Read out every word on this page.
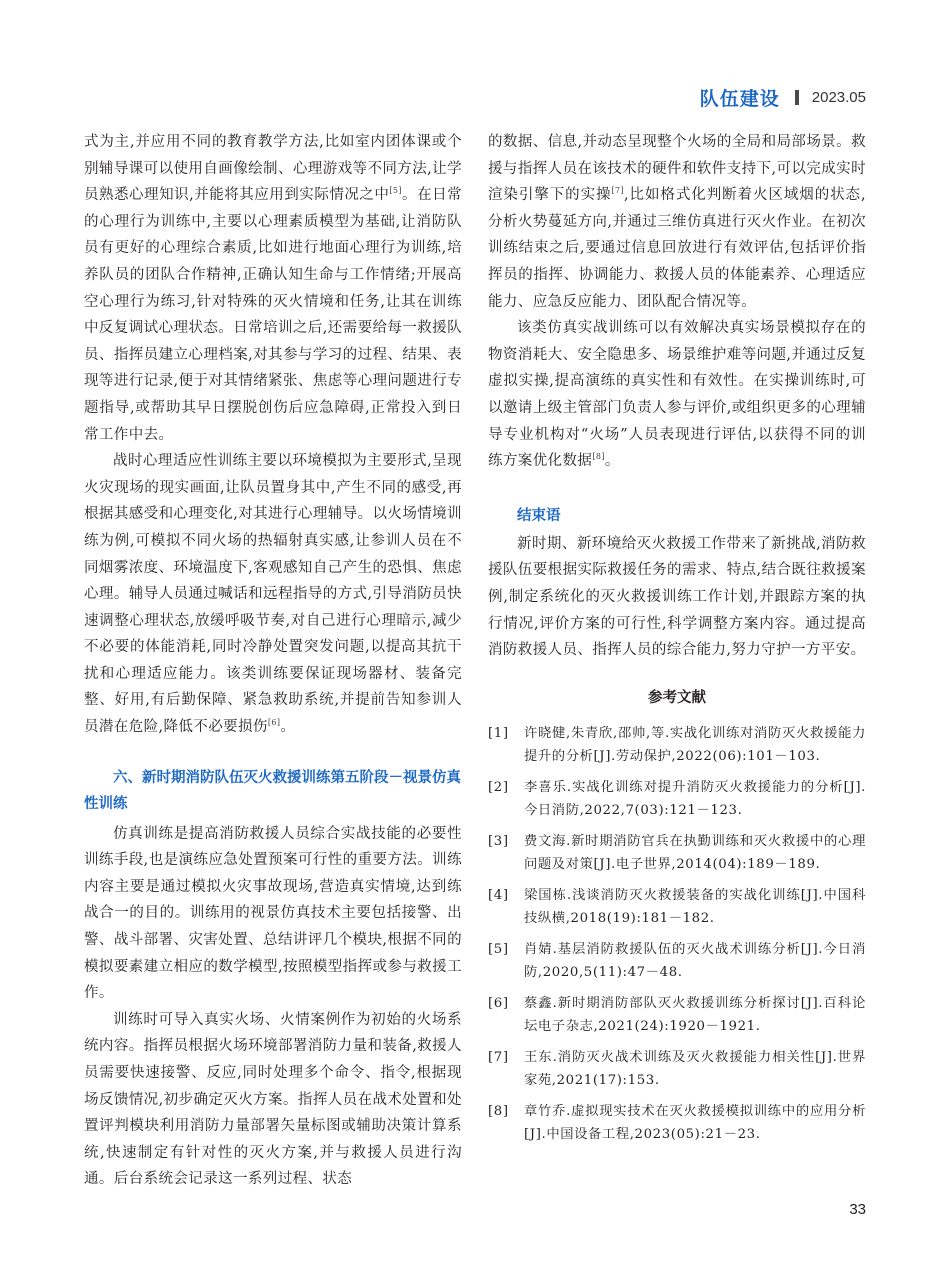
队伍建设 2023.05

式为主,并应用不同的教育教学方法,比如室内团体课或个别辅导课可以使用自画像绘制、心理游戏等不同方法,让学员熟悉心理知识,并能将其应用到实际情况之中[5]。在日常的心理行为训练中,主要以心理素质模型为基础,让消防队员有更好的心理综合素质,比如进行地面心理行为训练,培养队员的团队合作精神,正确认知生命与工作情绪;开展高空心理行为练习,针对特殊的灭火情境和任务,让其在训练中反复调试心理状态。日常培训之后,还需要给每一救援队员、指挥员建立心理档案,对其参与学习的过程、结果、表现等进行记录,便于对其情绪紧张、焦虑等心理问题进行专题指导,或帮助其早日摆脱创伤后应急障碍,正常投入到日常工作中去。

战时心理适应性训练主要以环境模拟为主要形式,呈现火灾现场的现实画面,让队员置身其中,产生不同的感受,再根据其感受和心理变化,对其进行心理辅导。以火场情境训练为例,可模拟不同火场的热辐射真实感,让参训人员在不同烟雾浓度、环境温度下,客观感知自己产生的恐惧、焦虑心理。辅导人员通过喊话和远程指导的方式,引导消防员快速调整心理状态,放缓呼吸节奏,对自己进行心理暗示,减少不必要的体能消耗,同时冷静处置突发问题,以提高其抗干扰和心理适应能力。该类训练要保证现场器材、装备完整、好用,有后勤保障、紧急救助系统,并提前告知参训人员潜在危险,降低不必要损伤[6]。

六、新时期消防队伍灭火救援训练第五阶段－视景仿真性训练

仿真训练是提高消防救援人员综合实战技能的必要性训练手段,也是演练应急处置预案可行性的重要方法。训练内容主要是通过模拟火灾事故现场,营造真实情境,达到练战合一的目的。训练用的视景仿真技术主要包括接警、出警、战斗部署、灾害处置、总结讲评几个模块,根据不同的模拟要素建立相应的数学模型,按照模型指挥或参与救援工作。

训练时可导入真实火场、火情案例作为初始的火场系统内容。指挥员根据火场环境部署消防力量和装备,救援人员需要快速接警、反应,同时处理多个命令、指令,根据现场反馈情况,初步确定灭火方案。指挥人员在战术处置和处置评判模块利用消防力量部署矢量标图或辅助决策计算系统,快速制定有针对性的灭火方案,并与救援人员进行沟通。后台系统会记录这一系列过程、状态

的数据、信息,并动态呈现整个火场的全局和局部场景。救援与指挥人员在该技术的硬件和软件支持下,可以完成实时渲染引擎下的实操[7],比如格式化判断着火区域烟的状态,分析火势蔓延方向,并通过三维仿真进行灭火作业。在初次训练结束之后,要通过信息回放进行有效评估,包括评价指挥员的指挥、协调能力、救援人员的体能素养、心理适应能力、应急反应能力、团队配合情况等。

该类仿真实战训练可以有效解决真实场景模拟存在的物资消耗大、安全隐患多、场景维护难等问题,并通过反复虚拟实操,提高演练的真实性和有效性。在实操训练时,可以邀请上级主管部门负责人参与评价,或组织更多的心理辅导专业机构对“火场”人员表现进行评估,以获得不同的训练方案优化数据[8]。

结束语

新时期、新环境给灭火救援工作带来了新挑战,消防救援队伍要根据实际救援任务的需求、特点,结合既往救援案例,制定系统化的灭火救援训练工作计划,并跟踪方案的执行情况,评价方案的可行性,科学调整方案内容。通过提高消防救援人员、指挥人员的综合能力,努力守护一方平安。

参考文献
[1]	许晓健,朱青欣,邵帅,等.实战化训练对消防灭火救援能力提升的分析[J].劳动保护,2022(06):101－103.
[2]	李喜乐.实战化训练对提升消防灭火救援能力的分析[J].今日消防,2022,7(03):121－123.
[3]	费文海.新时期消防官兵在执勤训练和灭火救援中的心理问题及对策[J].电子世界,2014(04):189－189.
[4]	梁国栋.浅谈消防灭火救援装备的实战化训练[J].中国科技纵横,2018(19):181－182.
[5]	肖婧.基层消防救援队伍的灭火战术训练分析[J].今日消防,2020,5(11):47－48.
[6]	蔡鑫.新时期消防部队灭火救援训练分析探讨[J].百科论坛电子杂志,2021(24):1920－1921.
[7]	王东.消防灭火战术训练及灭火救援能力相关性[J].世界家苑,2021(17):153.
[8]	章竹乔.虚拟现实技术在灭火救援模拟训练中的应用分析[J].中国设备工程,2023(05):21－23.
33
